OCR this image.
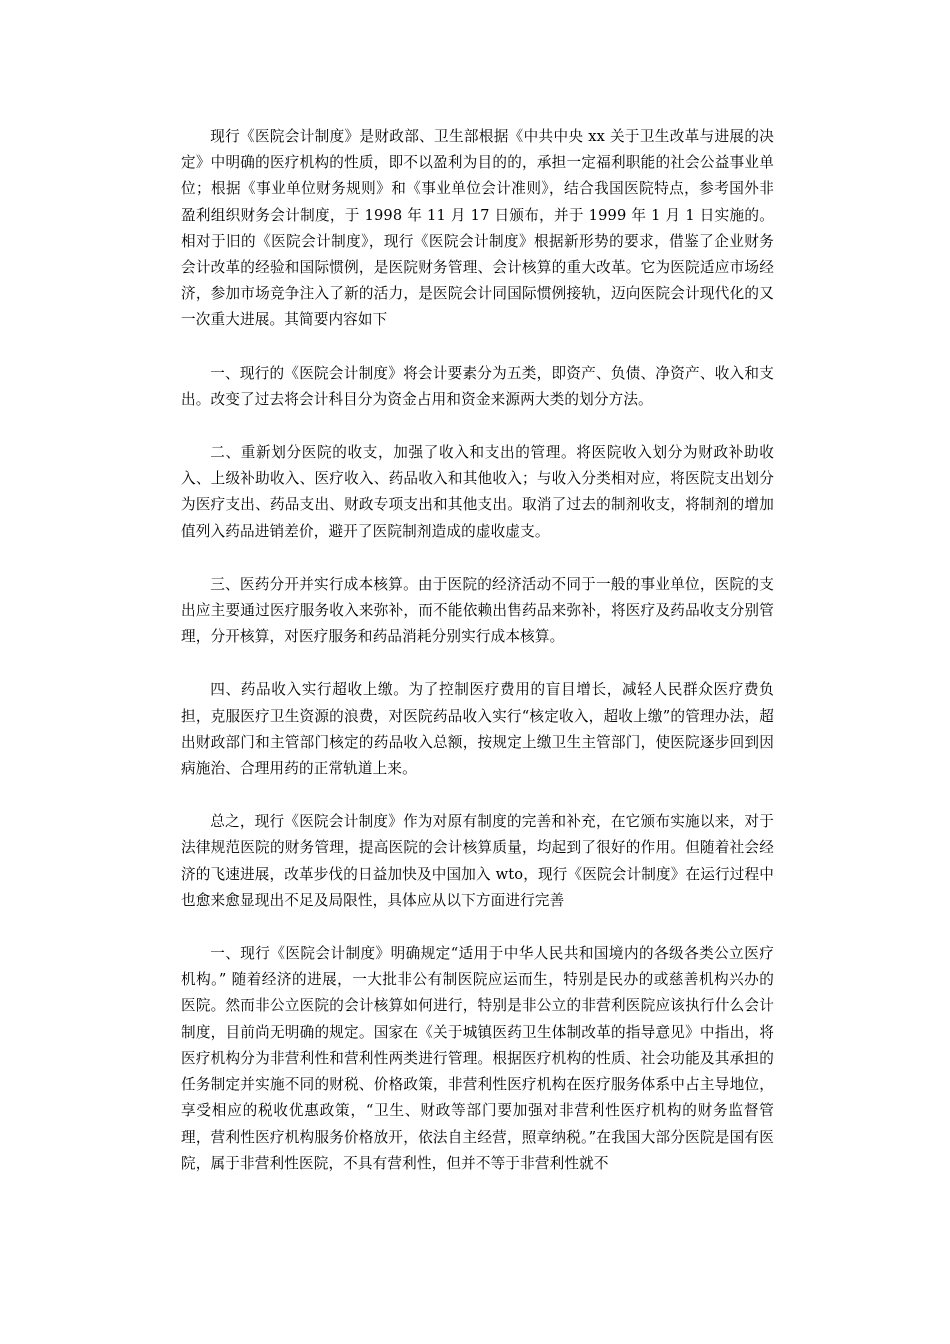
现行《医院会计制度》是财政部、卫生部根据《中共中央 xx 关于卫生改革与进展的决定》中明确的医疗机构的性质，即不以盈利为目的的，承担一定福利职能的社会公益事业单位；根据《事业单位财务规则》和《事业单位会计准则》，结合我国医院特点，参考国外非盈利组织财务会计制度，于 1998 年 11 月 17 日颁布，并于 1999 年 1 月 1 日实施的。相对于旧的《医院会计制度》，现行《医院会计制度》根据新形势的要求，借鉴了企业财务会计改革的经验和国际惯例，是医院财务管理、会计核算的重大改革。它为医院适应市场经济，参加市场竞争注入了新的活力，是医院会计同国际惯例接轨，迈向医院会计现代化的又一次重大进展。其简要内容如下

一、现行的《医院会计制度》将会计要素分为五类，即资产、负债、净资产、收入和支出。改变了过去将会计科目分为资金占用和资金来源两大类的划分方法。

二、重新划分医院的收支，加强了收入和支出的管理。将医院收入划分为财政补助收入、上级补助收入、医疗收入、药品收入和其他收入；与收入分类相对应，将医院支出划分为医疗支出、药品支出、财政专项支出和其他支出。取消了过去的制剂收支，将制剂的增加值列入药品进销差价，避开了医院制剂造成的虚收虚支。

三、医药分开并实行成本核算。由于医院的经济活动不同于一般的事业单位，医院的支出应主要通过医疗服务收入来弥补，而不能依赖出售药品来弥补，将医疗及药品收支分别管理，分开核算，对医疗服务和药品消耗分别实行成本核算。

四、药品收入实行超收上缴。为了控制医疗费用的盲目增长，减轻人民群众医疗费负担，克服医疗卫生资源的浪费，对医院药品收入实行“核定收入，超收上缴”的管理办法，超出财政部门和主管部门核定的药品收入总额，按规定上缴卫生主管部门，使医院逐步回到因病施治、合理用药的正常轨道上来。

总之，现行《医院会计制度》作为对原有制度的完善和补充，在它颁布实施以来，对于法律规范医院的财务管理，提高医院的会计核算质量，均起到了很好的作用。但随着社会经济的飞速进展，改革步伐的日益加快及中国加入 wto，现行《医院会计制度》在运行过程中也愈来愈显现出不足及局限性，具体应从以下方面进行完善

一、现行《医院会计制度》明确规定“适用于中华人民共和国境内的各级各类公立医疗机构。” 随着经济的进展，一大批非公有制医院应运而生，特别是民办的或慈善机构兴办的医院。然而非公立医院的会计核算如何进行，特别是非公立的非营利医院应该执行什么会计制度，目前尚无明确的规定。国家在《关于城镇医药卫生体制改革的指导意见》中指出，将医疗机构分为非营利性和营利性两类进行管理。根据医疗机构的性质、社会功能及其承担的任务制定并实施不同的财税、价格政策，非营利性医疗机构在医疗服务体系中占主导地位，享受相应的税收优惠政策，“卫生、财政等部门要加强对非营利性医疗机构的财务监督管理，营利性医疗机构服务价格放开，依法自主经营，照章纳税。”在我国大部分医院是国有医院，属于非营利性医院，不具有营利性，但并不等于非营利性就不
